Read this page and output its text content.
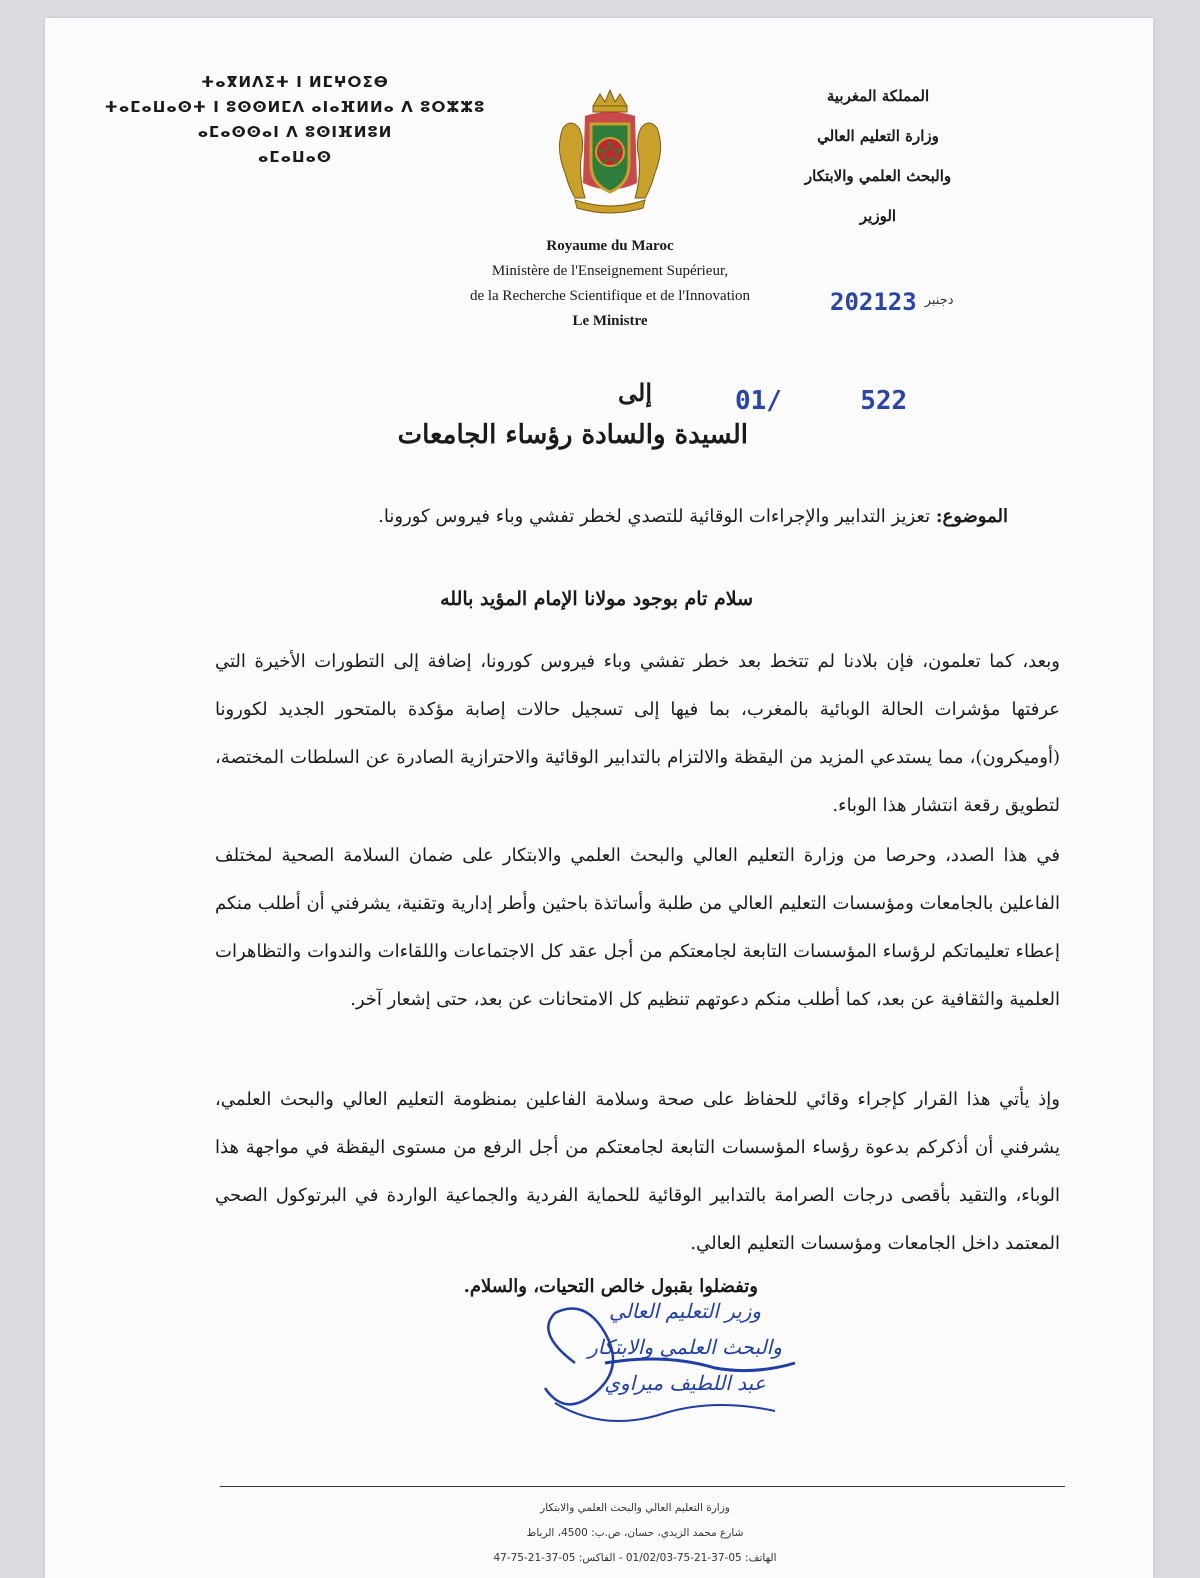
ⵜⴰⴳⵍⴷⵉⵜ ⵏ ⵍⵎⵖⵔⵉⴱ
ⵜⴰⵎⴰⵡⴰⵙⵜ ⵏ ⵓⵙⵙⵍⵎⴷ ⴰⵏⴰⴼⵍⵍⴰ ⴷ ⵓⵔⵣⵣⵓ
ⴰⵎⴰⵙⵙⴰⵏ ⴷ ⵓⵙⵏⴼⵍⵓⵍ
ⴰⵎⴰⵡⴰⵙ
المملكة المغربية
وزارة التعليم العالي
والبحث العلمي والابتكار
الوزير
Royaume du Maroc
Ministère de l'Enseignement Supérieur,
de la Recherche Scientifique et de l'Innovation
Le Ministre
2021	$^{دجنبر}$23
إلى	01/	522
السيدة والسادة رؤساء الجامعات
الموضوع: تعزيز التدابير والإجراءات الوقائية للتصدي لخطر تفشي وباء فيروس كورونا.
سلام تام بوجود مولانا الإمام المؤيد بالله
وبعد، كما تعلمون، فإن بلادنا لم تتخط بعد خطر تفشي وباء فيروس كورونا، إضافة إلى التطورات الأخيرة التي عرفتها مؤشرات الحالة الوبائية بالمغرب، بما فيها إلى تسجيل حالات إصابة مؤكدة بالمتحور الجديد لكورونا (أوميكرون)، مما يستدعي المزيد من اليقظة والالتزام بالتدابير الوقائية والاحترازية الصادرة عن السلطات المختصة، لتطويق رقعة انتشار هذا الوباء.
في هذا الصدد، وحرصا من وزارة التعليم العالي والبحث العلمي والابتكار على ضمان السلامة الصحية لمختلف الفاعلين بالجامعات ومؤسسات التعليم العالي من طلبة وأساتذة باحثين وأطر إدارية وتقنية، يشرفني أن أطلب منكم إعطاء تعليماتكم لرؤساء المؤسسات التابعة لجامعتكم من أجل عقد كل الاجتماعات واللقاءات والندوات والتظاهرات العلمية والثقافية عن بعد، كما أطلب منكم دعوتهم تنظيم كل الامتحانات عن بعد، حتى إشعار آخر.
وإذ يأتي هذا القرار كإجراء وقائي للحفاظ على صحة وسلامة الفاعلين بمنظومة التعليم العالي والبحث العلمي، يشرفني أن أذكركم بدعوة رؤساء المؤسسات التابعة لجامعتكم من أجل الرفع من مستوى اليقظة في مواجهة هذا الوباء، والتقيد بأقصى درجات الصرامة بالتدابير الوقائية للحماية الفردية والجماعية الواردة في البرتوكول الصحي المعتمد داخل الجامعات ومؤسسات التعليم العالي.
وتفضلوا بقبول خالص التحيات، والسلام.
وزير التعليم العالي
والبحث العلمي والابتكار
عبد اللطيف ميراوي
وزارة التعليم العالي والبحث العلمي والابتكار
شارع محمد الزيدي، حسان، ص.ب: 4500، الرباط
الهاتف: 05-37-21-75-01/02/03 - الفاكس: 05-37-21-75-47
